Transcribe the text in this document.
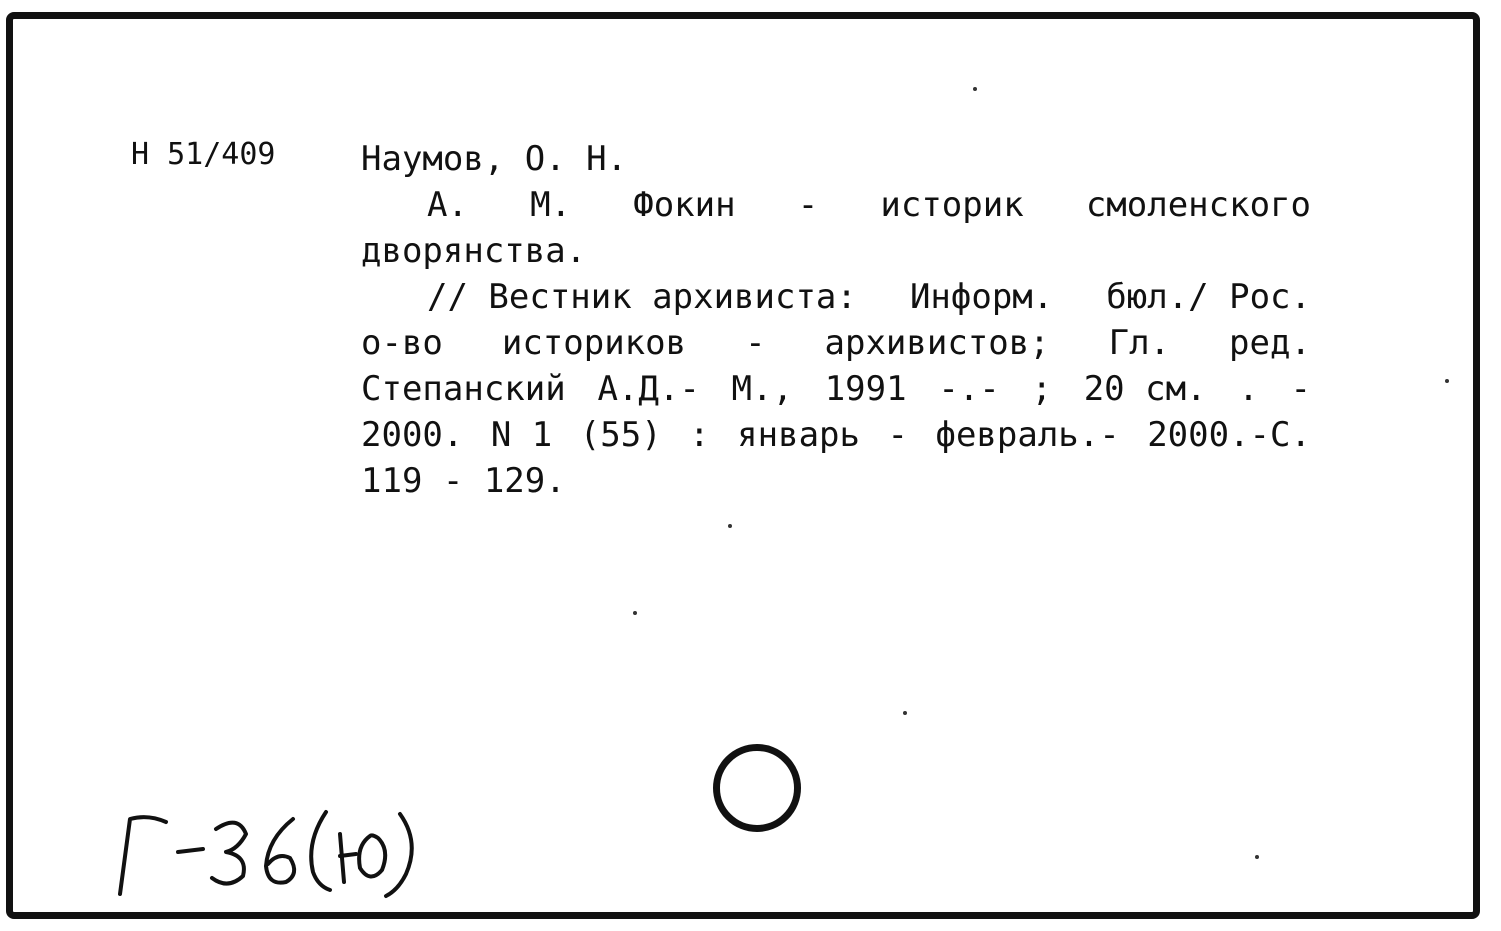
Н 51/409	Наумов, О. Н.
А. М. Фокин - историк смоленского
дворянства.
// Вестник архивиста: Информ. бюл./ Рос.
о-во историков - архивистов; Гл. ред.
Степанский А.Д.- М., 1991 -.- ; 20 см. . -
2000. N 1 (55) : январь - февраль.- 2000.-С.
119 - 129.
